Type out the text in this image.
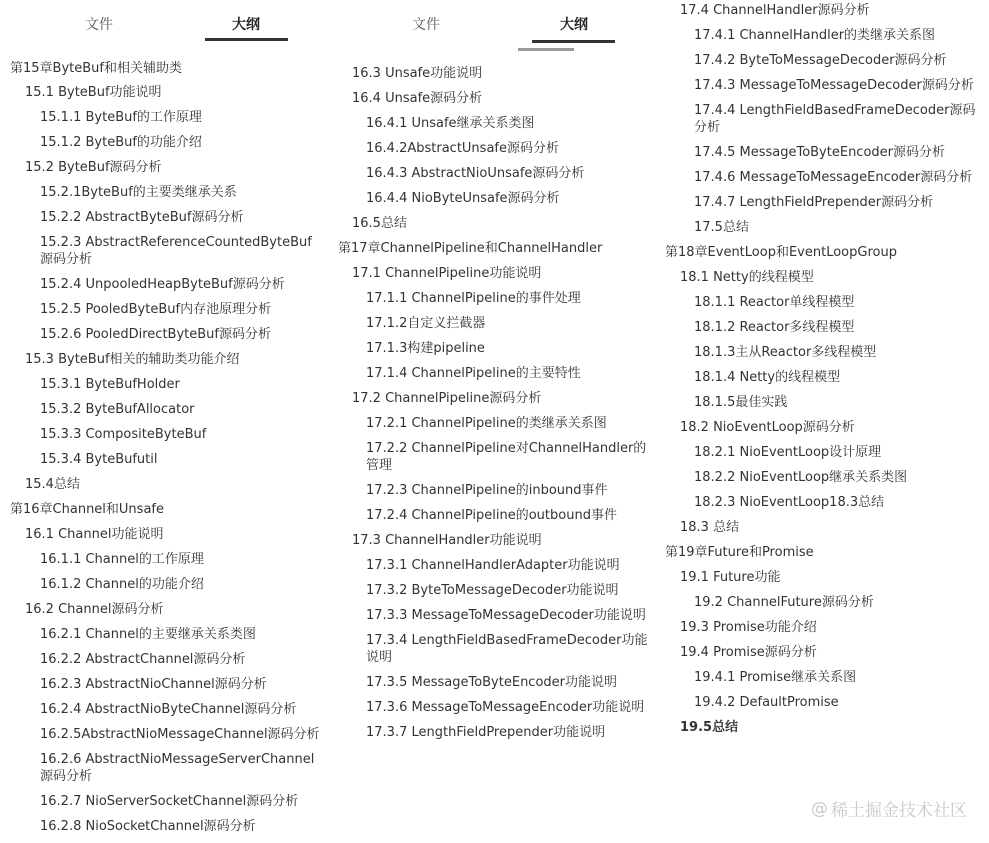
文件	大纲
第15章ByteBuf和相关辅助类
15.1 ByteBuf功能说明
15.1.1 ByteBuf的工作原理
15.1.2 ByteBuf的功能介绍
15.2 ByteBuf源码分析
15.2.1ByteBuf的主要类继承关系
15.2.2 AbstractByteBuf源码分析
15.2.3 AbstractReferenceCountedByteBuf源码分析
15.2.4 UnpooledHeapByteBuf源码分析
15.2.5 PooledByteBuf内存池原理分析
15.2.6 PooledDirectByteBuf源码分析
15.3 ByteBuf相关的辅助类功能介绍
15.3.1 ByteBufHolder
15.3.2 ByteBufAllocator
15.3.3 CompositeByteBuf
15.3.4 ByteBufutil
15.4总结
第16章Channel和Unsafe
16.1 Channel功能说明
16.1.1 Channel的工作原理
16.1.2 Channel的功能介绍
16.2 Channel源码分析
16.2.1 Channel的主要继承关系类图
16.2.2 AbstractChannel源码分析
16.2.3 AbstractNioChannel源码分析
16.2.4 AbstractNioByteChannel源码分析
16.2.5AbstractNioMessageChannel源码分析
16.2.6 AbstractNioMessageServerChannel源码分析
16.2.7 NioServerSocketChannel源码分析
16.2.8 NioSocketChannel源码分析
文件	大纲
16.3 Unsafe功能说明
16.4 Unsafe源码分析
16.4.1 Unsafe继承关系类图
16.4.2AbstractUnsafe源码分析
16.4.3 AbstractNioUnsafe源码分析
16.4.4 NioByteUnsafe源码分析
16.5总结
第17章ChannelPipeline和ChannelHandler
17.1 ChannelPipeline功能说明
17.1.1 ChannelPipeline的事件处理
17.1.2自定义拦截器
17.1.3构建pipeline
17.1.4 ChannelPipeline的主要特性
17.2 ChannelPipeline源码分析
17.2.1 ChannelPipeline的类继承关系图
17.2.2 ChannelPipeline对ChannelHandler的管理
17.2.3 ChannelPipeline的inbound事件
17.2.4 ChannelPipeline的outbound事件
17.3 ChannelHandler功能说明
17.3.1 ChannelHandlerAdapter功能说明
17.3.2 ByteToMessageDecoder功能说明
17.3.3 MessageToMessageDecoder功能说明
17.3.4 LengthFieldBasedFrameDecoder功能说明
17.3.5 MessageToByteEncoder功能说明
17.3.6 MessageToMessageEncoder功能说明
17.3.7 LengthFieldPrepender功能说明
17.4 ChannelHandler源码分析
17.4.1 ChannelHandler的类继承关系图
17.4.2 ByteToMessageDecoder源码分析
17.4.3 MessageToMessageDecoder源码分析
17.4.4 LengthFieldBasedFrameDecoder源码分析
17.4.5 MessageToByteEncoder源码分析
17.4.6 MessageToMessageEncoder源码分析
17.4.7 LengthFieldPrepender源码分析
17.5总结
第18章EventLoop和EventLoopGroup
18.1 Netty的线程模型
18.1.1 Reactor单线程模型
18.1.2 Reactor多线程模型
18.1.3主从Reactor多线程模型
18.1.4 Netty的线程模型
18.1.5最佳实践
18.2 NioEventLoop源码分析
18.2.1 NioEventLoop设计原理
18.2.2 NioEventLoop继承关系类图
18.2.3 NioEventLoop18.3总结
18.3 总结
第19章Future和Promise
19.1 Future功能
19.2 ChannelFuture源码分析
19.3 Promise功能介绍
19.4 Promise源码分析
19.4.1 Promise继承关系图
19.4.2 DefaultPromise
19.5总结
@ 稀土掘金技术社区
